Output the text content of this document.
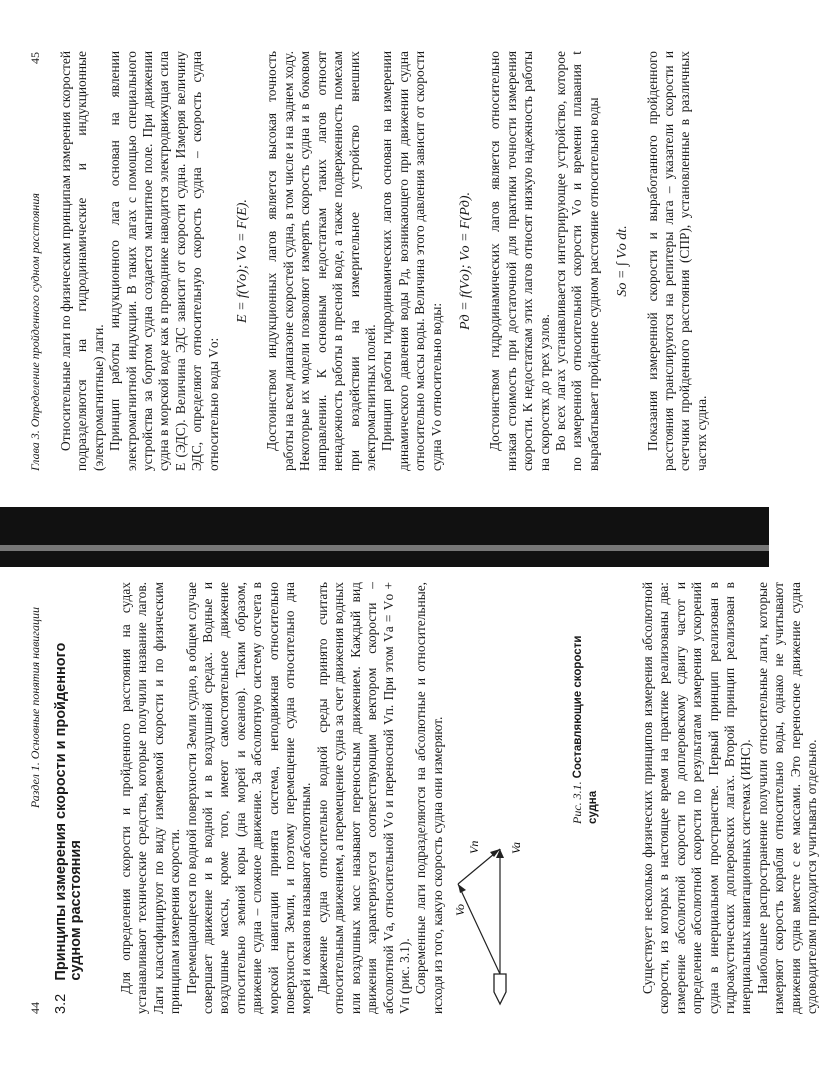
44
Раздел 1. Основные понятия навигации
3.2
Принципы измерения скорости и пройденного судном расстояния	Для определения скорости и пройденного расстояния на судах устанавливают технические средства, которые получили название лагов. Лаги классифицируют по виду измеряемой скорости и по физическим принципам измерения скорости. Перемещающееся по водной поверхности Земли судно, в общем случае совершает движение и в водной и в воздушной средах. Водные и воздушные массы, кроме того, имеют самостоятельное движение относительно земной коры (дна морей и океанов). Таким образом, движение судна – сложное движение. За абсолютную систему отсчета в морской навигации принята система, неподвижная относительно поверхности Земли, и поэтому перемещение судна относительно дна морей и океанов называют абсолютным. Движение судна относительно водной среды принято считать относительным движением, а перемещение судна за счет движения водных или воздушных масс называют переносным движением. Каждый вид движения характеризуется соответствующим вектором скорости – абсолютной Vа, относительной Vо и переносной Vп. При этом Vа = Vо + Vп (рис. 3.1). Современные лаги подразделяются на абсолютные и относительные, исходя из того, какую скорость судна они измеряют. Vo
Va
Vп
Рис. 3.1. Составляющие скорости судна	Существует несколько физических принципов измерения абсолютной скорости, из которых в настоящее время на практике реализованы два: измерение абсолютной скорости по доплеровскому сдвигу частот и определение абсолютной скорости по результатам измерения ускорений судна в инерциальном пространстве. Первый принцип реализован в гидроакустических доплеровских лагах. Второй принцип реализован в инерциальных навигационных системах (ИНС). Наибольшее распространение получили относительные лаги, которые измеряют скорость корабля относительно воды, однако не учитывают движения судна вместе с ее массами. Это переносное движение судна судоводителям приходится учитывать отдельно.

Глава 3. Определение пройденного судном расстояния
45 Относительные лаги по физическим принципам измерения скоростей подразделяются на гидродинамические и индукционные (электромагнитные) лаги. Принцип работы индукционного лага основан на явлении электромагнитной индукции. В таких лагах с помощью специального устройства за бортом судна создается магнитное поле. При движении судна в морской воде как в проводнике наводится электродвижущая сила E (ЭДС). Величина ЭДС зависит от скорости судна. Измеряя величину ЭДС, определяют относительную скорость судна – скорость судна относительно воды Vо:

E = f(Vо); Vо = F(E). Достоинством индукционных лагов является высокая точность работы на всем диапазоне скоростей судна, в том числе и на заднем ходу. Некоторые их модели позволяют измерять скорость судна и в боковом направлении. К основным недостаткам таких лагов относят ненадежность работы в пресной воде, а также подверженность помехам при воздействии на измерительное устройство внешних электромагнитных полей. Принцип работы гидродинамических лагов основан на измерении динамического давления воды Pд, возникающего при движении судна относительно массы воды. Величина этого давления зависит от скорости судна Vо относительно воды:

Pд = f(Vо); Vо = F(Pд). Достоинством гидродинамических лагов является относительно низкая стоимость при достаточной для практики точности измерения скорости. К недостаткам этих лагов относят низкую надежность работы на скоростях до трех узлов. Во всех лагах устанавливается интегрирующее устройство, которое по измеренной относительной скорости Vо и времени плавания t вырабатывает пройденное судном расстояние относительно воды Sо = ∫ Vо dt. Показания измеренной скорости и выработанного пройденного расстояния транслируются на репитеры лага – указатели скорости и счетчики пройденного расстояния (СПР), установленные в различных частях судна.
